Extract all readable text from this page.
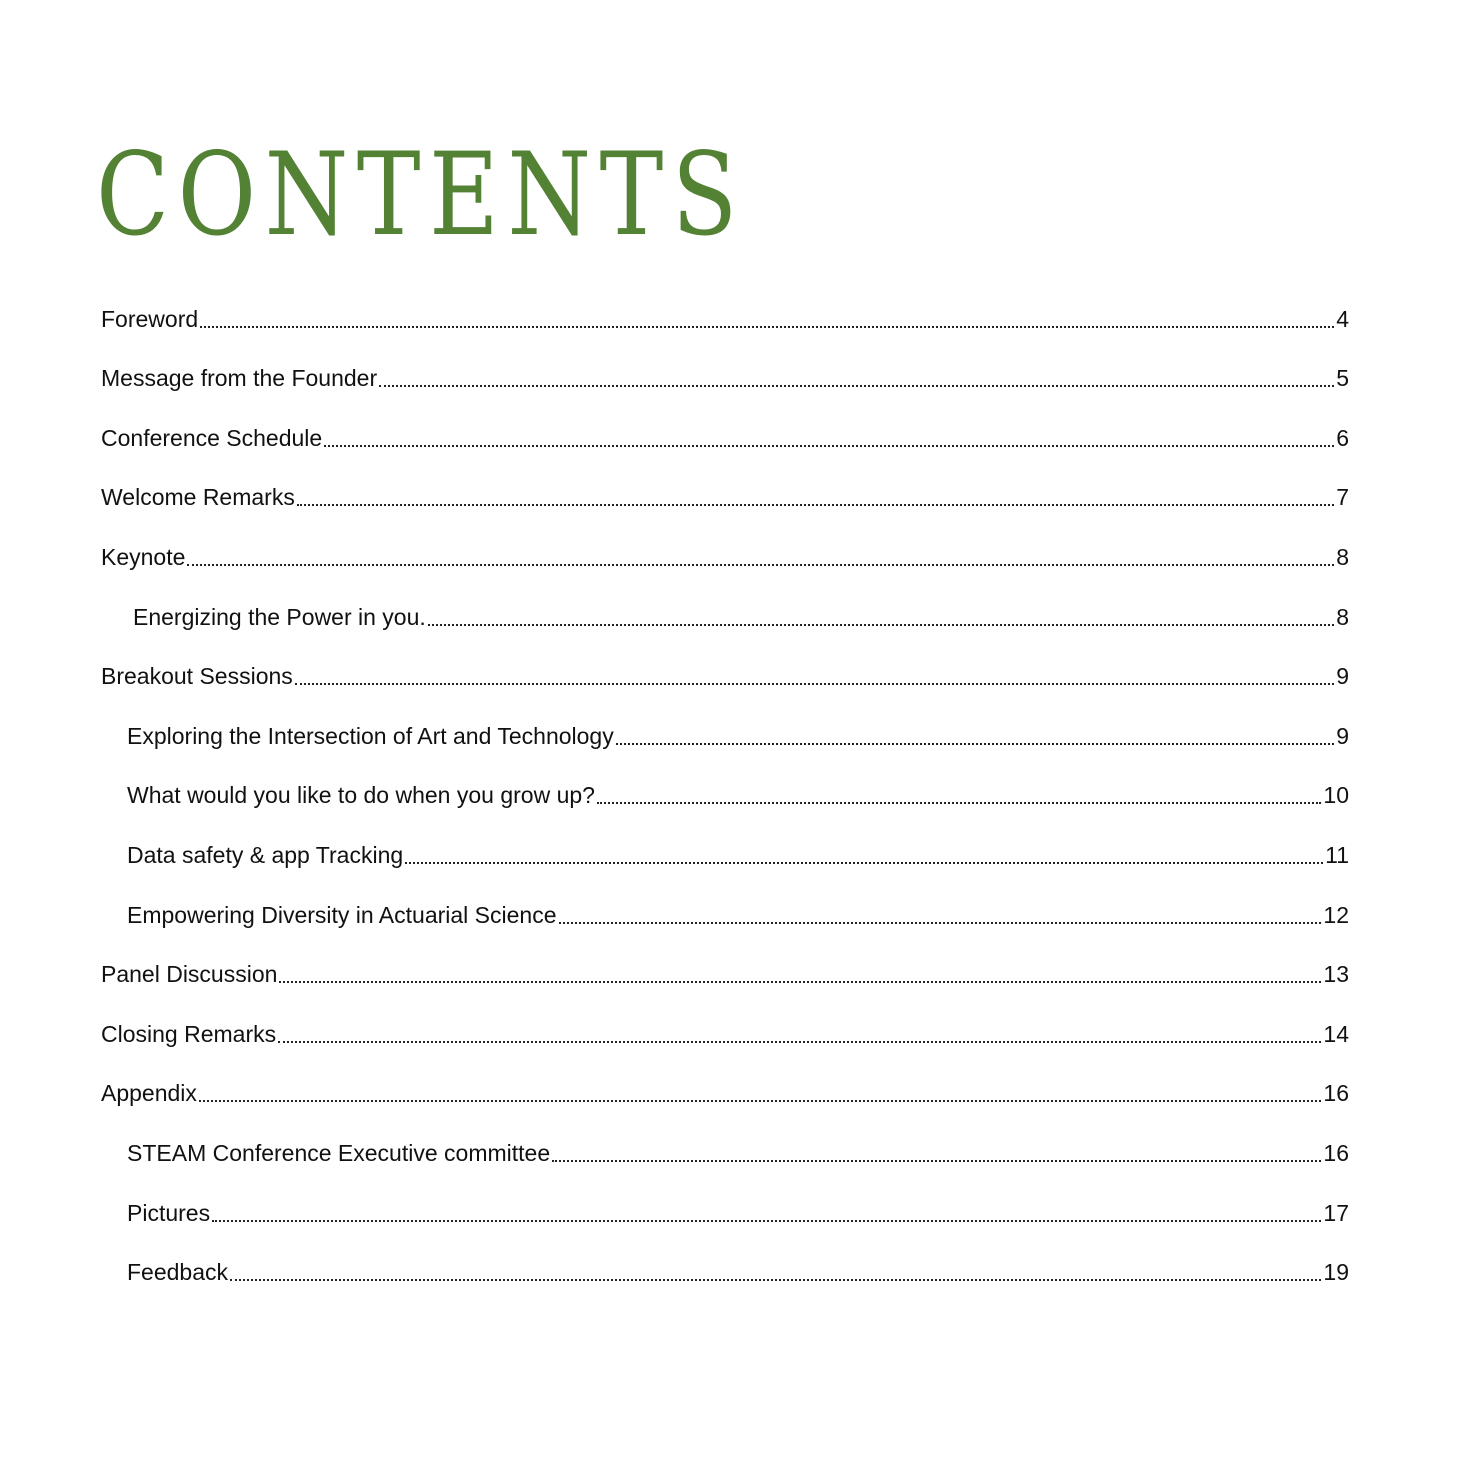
CONTENTS
Foreword	4
Message from the Founder	5
Conference Schedule	6
Welcome Remarks	7
Keynote	8
Energizing the Power in you.	8
Breakout Sessions	9
Exploring the Intersection of Art and Technology	9
What would you like to do when you grow up?	10
Data safety & app Tracking	11
Empowering Diversity in Actuarial Science	12
Panel Discussion	13
Closing Remarks	14
Appendix	16
STEAM Conference Executive committee	16
Pictures	17
Feedback	19
